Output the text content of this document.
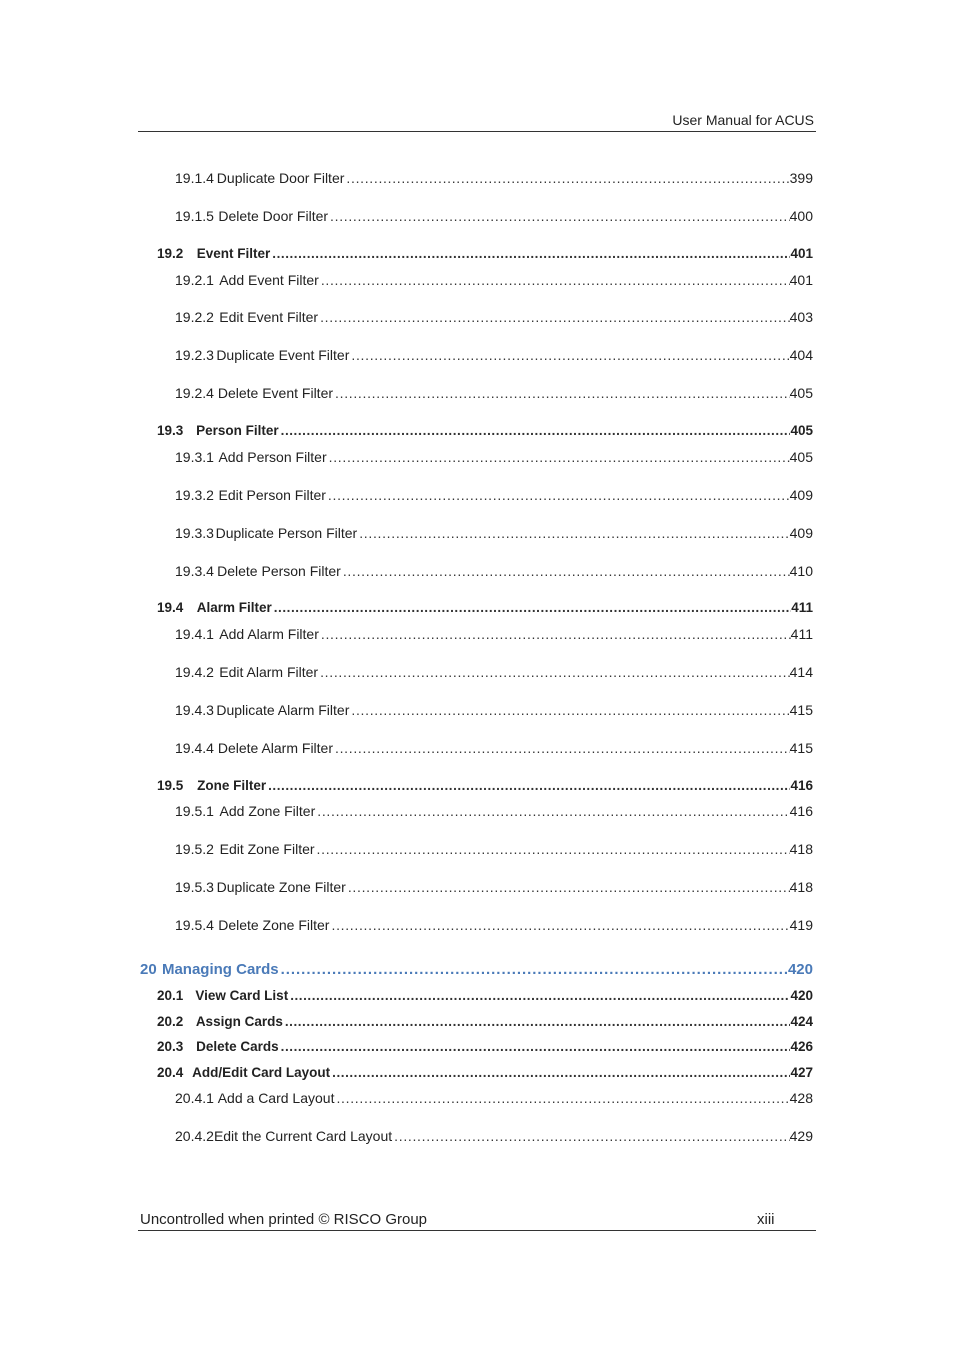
User Manual for ACUS
19.1.4 Duplicate Door Filter . . .	399
19.1.5 Delete Door Filter . . .	400
19.2 Event Filter . . .	401
19.2.1 Add Event Filter . . .	401
19.2.2 Edit Event Filter . . .	403
19.2.3 Duplicate Event Filter . . .	404
19.2.4 Delete Event Filter . . .	405
19.3 Person Filter . . .	405
19.3.1 Add Person Filter . . .	405
19.3.2 Edit Person Filter . . .	409
19.3.3 Duplicate Person Filter . . .	409
19.3.4 Delete Person Filter . . .	410
19.4 Alarm Filter . . .	411
19.4.1 Add Alarm Filter . . .	411
19.4.2 Edit Alarm Filter . . .	414
19.4.3 Duplicate Alarm Filter . . .	415
19.4.4 Delete Alarm Filter . . .	415
19.5	Zone Filter . . .	416
19.5.1 Add Zone Filter . . .	416
19.5.2 Edit Zone Filter . . .	418
19.5.3 Duplicate Zone Filter . . .	418
19.5.4 Delete Zone Filter . . .	419
20 Managing Cards . . .	420
20.1 View Card List . . .	420
20.2 Assign Cards . . .	424
20.3 Delete Cards . . .	426
20.4 Add/Edit Card Layout . . .	427
20.4.1 Add a Card Layout . . .	428
20.4.2 Edit the Current Card Layout . . .	429
Uncontrolled when printed © RISCO Group	xiii
